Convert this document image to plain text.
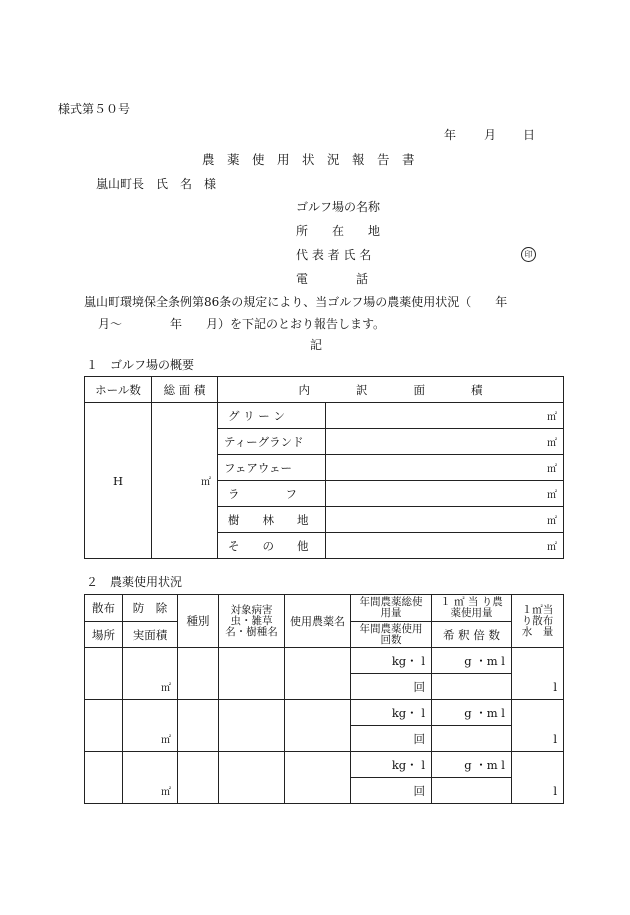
様式第５０号
年 月 日
農　薬　使　用　状　況　報　告　書
嵐山町長　氏　名　様
ゴルフ場の名称
所　　在　　地
代 表 者 氏 名	印
電　　　　話
嵐山町環境保全条例第86条の規定により、当ゴルフ場の農薬使用状況（　　年
月～　　　　年　　月）を下記のとおり報告します。
記
１　ゴルフ場の概要
ホール数	総 面 積	内　　　　訳　　　　面　　　　積	
H	㎡	グ リ ー ン	㎡
		ティーグランド	㎡
		フェアウェー	㎡
		ラ　　　　フ	㎡
		樹　　林　　地	㎡
		そ　　の　　他	㎡
２　農薬使用状況
散布	防　除	種別	対象病害虫・雑草名・樹種名	使用農薬名	年間農薬総使用量	１ ㎡ 当 り農薬使用量	１㎡当り散布水　量
場所	実面積				年間農薬使用回数	希 釈 倍 数	
	㎡				kg・ l	g ・m l	l
					回		
	㎡				kg・ l	g ・m l	l
					回		
	㎡				kg・ l	g ・m l	l
					回		
